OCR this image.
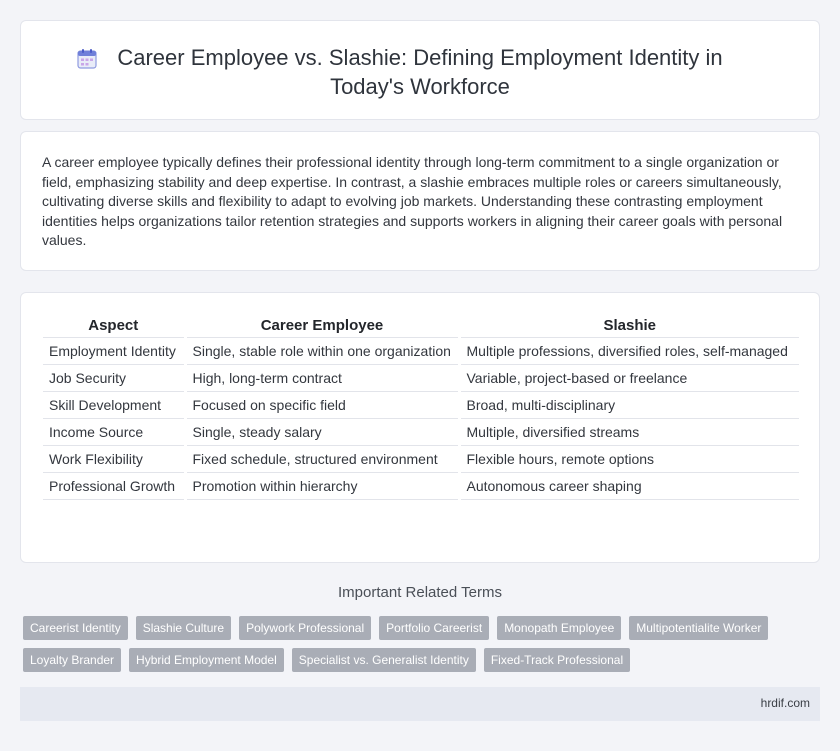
Career Employee vs. Slashie: Defining Employment Identity in Today's Workforce

A career employee typically defines their professional identity through long-term commitment to a single organization or field, emphasizing stability and deep expertise. In contrast, a slashie embraces multiple roles or careers simultaneously, cultivating diverse skills and flexibility to adapt to evolving job markets. Understanding these contrasting employment identities helps organizations tailor retention strategies and supports workers in aligning their career goals with personal values.

Aspect	Career Employee	Slashie
Employment Identity	Single, stable role within one organization	Multiple professions, diversified roles, self-managed
Job Security	High, long-term contract	Variable, project-based or freelance
Skill Development	Focused on specific field	Broad, multi-disciplinary
Income Source	Single, steady salary	Multiple, diversified streams
Work Flexibility	Fixed schedule, structured environment	Flexible hours, remote options
Professional Growth	Promotion within hierarchy	Autonomous career shaping
Important Related Terms
Careerist Identity	Slashie Culture	Polywork Professional	Portfolio Careerist	Monopath Employee	Multipotentialite Worker
Loyalty Brander	Hybrid Employment Model	Specialist vs. Generalist Identity	Fixed-Track Professional
hrdif.com
